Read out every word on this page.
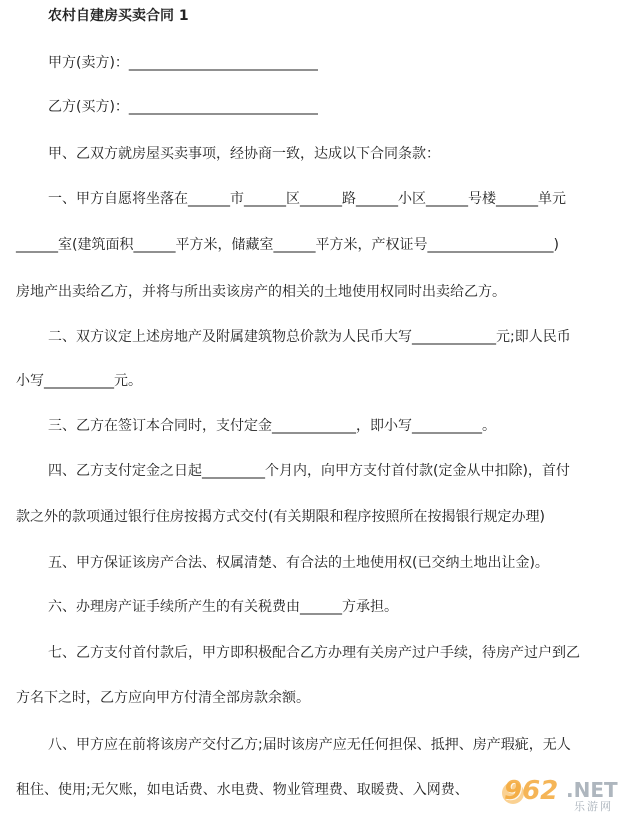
农村自建房买卖合同 1
甲方(卖方)：___________________________
乙方(买方)：___________________________
甲、乙双方就房屋买卖事项，经协商一致，达成以下合同条款：
一、甲方自愿将坐落在______市______区______路______小区______号楼______单元
______室(建筑面积______平方米，储藏室______平方米，产权证号__________________)
房地产出卖给乙方，并将与所出卖该房产的相关的土地使用权同时出卖给乙方。
二、双方议定上述房地产及附属建筑物总价款为人民币大写____________元;即人民币
小写__________元。
三、乙方在签订本合同时，支付定金____________，即小写__________。
四、乙方支付定金之日起_________个月内，向甲方支付首付款(定金从中扣除)，首付
款之外的款项通过银行住房按揭方式交付(有关期限和程序按照所在按揭银行规定办理)
五、甲方保证该房产合法、权属清楚、有合法的土地使用权(已交纳土地出让金)。
六、办理房产证手续所产生的有关税费由______方承担。
七、乙方支付首付款后，甲方即积极配合乙方办理有关房产过户手续，待房产过户到乙
方名下之时，乙方应向甲方付清全部房款余额。
八、甲方应在前将该房产交付乙方;届时该房产应无任何担保、抵押、房产瑕疵，无人
租住、使用;无欠账，如电话费、水电费、物业管理费、取暖费、入网费、 962 .NET
乐游网
